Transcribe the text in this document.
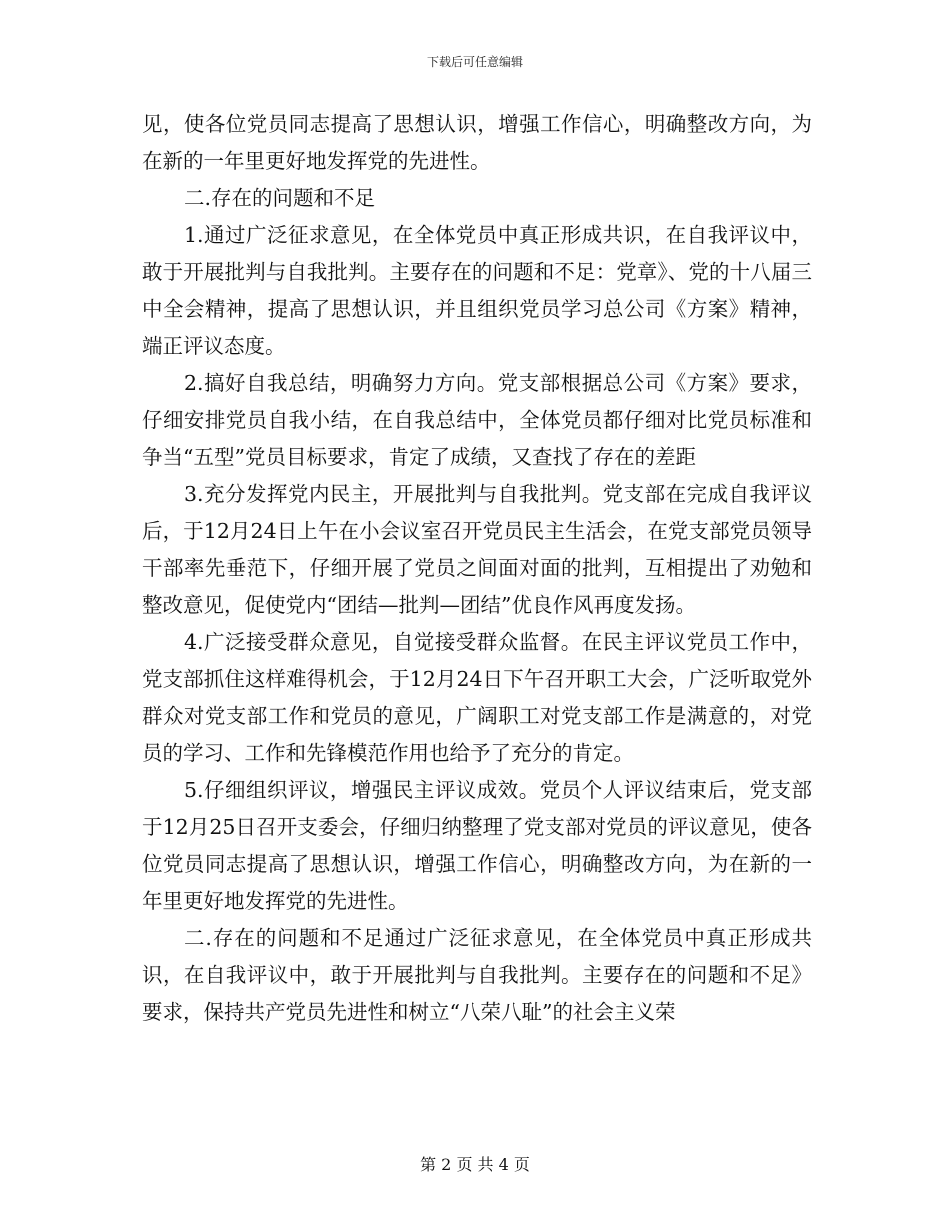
下载后可任意编辑

见，使各位党员同志提高了思想认识，增强工作信心，明确整改方向，为在新的一年里更好地发挥党的先进性。

二.存在的问题和不足

1.通过广泛征求意见，在全体党员中真正形成共识，在自我评议中，敢于开展批判与自我批判。主要存在的问题和不足：党章》、党的十八届三中全会精神，提高了思想认识，并且组织党员学习总公司《方案》精神，端正评议态度。

2.搞好自我总结，明确努力方向。党支部根据总公司《方案》要求，仔细安排党员自我小结，在自我总结中，全体党员都仔细对比党员标准和争当“五型”党员目标要求，肯定了成绩，又查找了存在的差距

3.充分发挥党内民主，开展批判与自我批判。党支部在完成自我评议后，于12月24日上午在小会议室召开党员民主生活会，在党支部党员领导干部率先垂范下，仔细开展了党员之间面对面的批判，互相提出了劝勉和整改意见，促使党内“团结—批判—团结”优良作风再度发扬。

4.广泛接受群众意见，自觉接受群众监督。在民主评议党员工作中，党支部抓住这样难得机会，于12月24日下午召开职工大会，广泛听取党外群众对党支部工作和党员的意见，广阔职工对党支部工作是满意的，对党员的学习、工作和先锋模范作用也给予了充分的肯定。

5.仔细组织评议，增强民主评议成效。党员个人评议结束后，党支部于12月25日召开支委会，仔细归纳整理了党支部对党员的评议意见，使各位党员同志提高了思想认识，增强工作信心，明确整改方向，为在新的一年里更好地发挥党的先进性。

二.存在的问题和不足通过广泛征求意见，在全体党员中真正形成共识，在自我评议中，敢于开展批判与自我批判。主要存在的问题和不足》要求，保持共产党员先进性和树立“八荣八耻”的社会主义荣

第 2 页 共 4 页
